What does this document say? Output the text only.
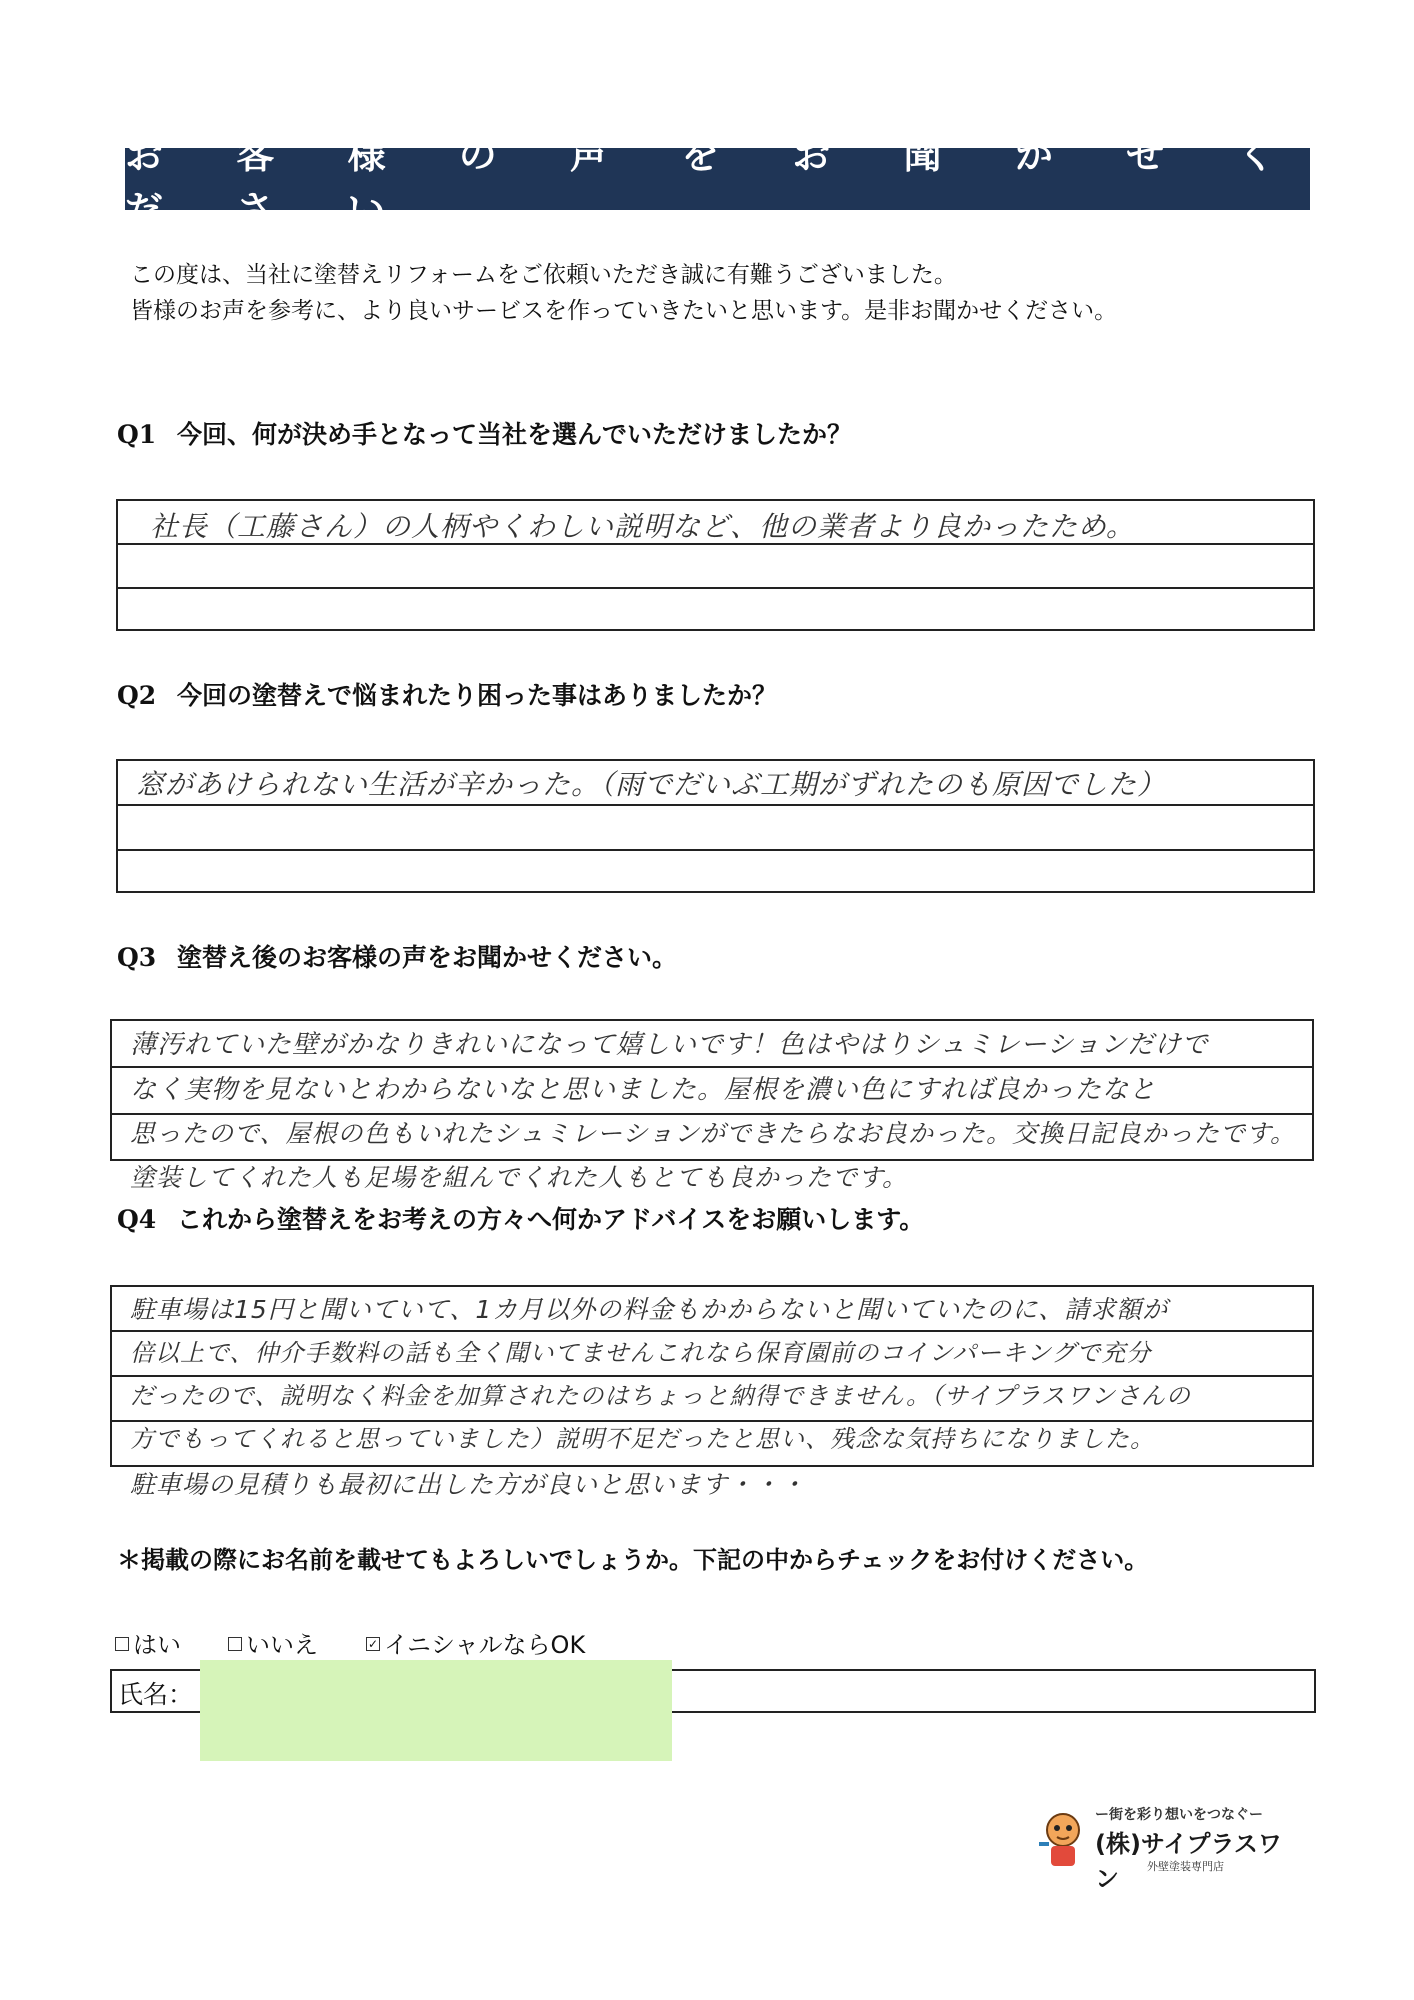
お 客 様 の 声 を お 聞 か せ く だ さ い
この度は、当社に塗替えリフォームをご依頼いただき誠に有難うございました。
皆様のお声を参考に、より良いサービスを作っていきたいと思います。是非お聞かせください。
Q1 今回、何が決め手となって当社を選んでいただけましたか？
社長（工藤さん）の人柄やくわしい説明など、他の業者より良かったため。
Q2 今回の塗替えで悩まれたり困った事はありましたか？
窓があけられない生活が辛かった。（雨でだいぶ工期がずれたのも原因でした）
Q3 塗替え後のお客様の声をお聞かせください。
薄汚れていた壁がかなりきれいになって嬉しいです！色はやはりシュミレーションだけで
なく実物を見ないとわからないなと思いました。屋根を濃い色にすれば良かったなと
思ったので、屋根の色もいれたシュミレーションができたらなお良かった。交換日記良かったです。
塗装してくれた人も足場を組んでくれた人もとても良かったです。
Q4 これから塗替えをお考えの方々へ何かアドバイスをお願いします。
駐車場は15円と聞いていて、1カ月以外の料金もかからないと聞いていたのに、請求額が
倍以上で、仲介手数料の話も全く聞いてませんこれなら保育園前のコインパーキングで充分
だったので、説明なく料金を加算されたのはちょっと納得できません。（サイプラスワンさんの
方でもってくれると思っていました）説明不足だったと思い、残念な気持ちになりました。
駐車場の見積りも最初に出した方が良いと思います・・・
＊掲載の際にお名前を載せてもよろしいでしょうか。下記の中からチェックをお付けください。
はい	いいえ	✓ イニシャルならOK
氏名：
ー街を彩り想いをつなぐー
(株)サイプラスワン	外壁塗装専門店
